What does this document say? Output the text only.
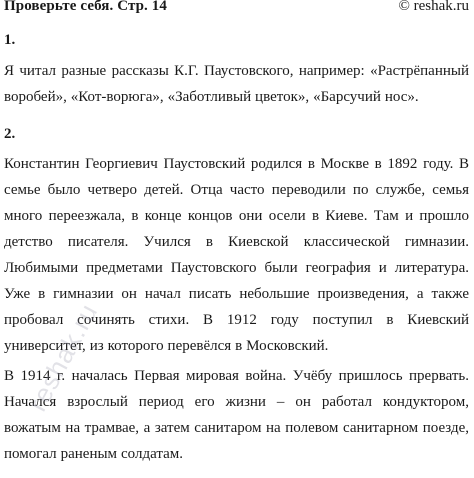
Проверьте себя. Стр. 14	© reshak.ru
1.

Я читал разные рассказы К.Г. Паустовского, например: «Растрёпанный воробей», «Кот-ворюга», «Заботливый цветок», «Барсучий нос».

2.

Константин Георгиевич Паустовский родился в Москве в 1892 году. В семье было четверо детей. Отца часто переводили по службе, семья много переезжала, в конце концов они осели в Киеве. Там и прошло детство писателя. Учился в Киевской классической гимназии. Любимыми предметами Паустовского были география и литература. Уже в гимназии он начал писать небольшие произведения, а также пробовал сочинять стихи. В 1912 году поступил в Киевский университет, из которого перевёлся в Московский.

В 1914 г. началась Первая мировая война. Учёбу пришлось прервать. Начался взрослый период его жизни – он работал кондуктором, вожатым на трамвае, а затем санитаром на полевом санитарном поезде, помогал раненым солдатам.

reshak.ru
